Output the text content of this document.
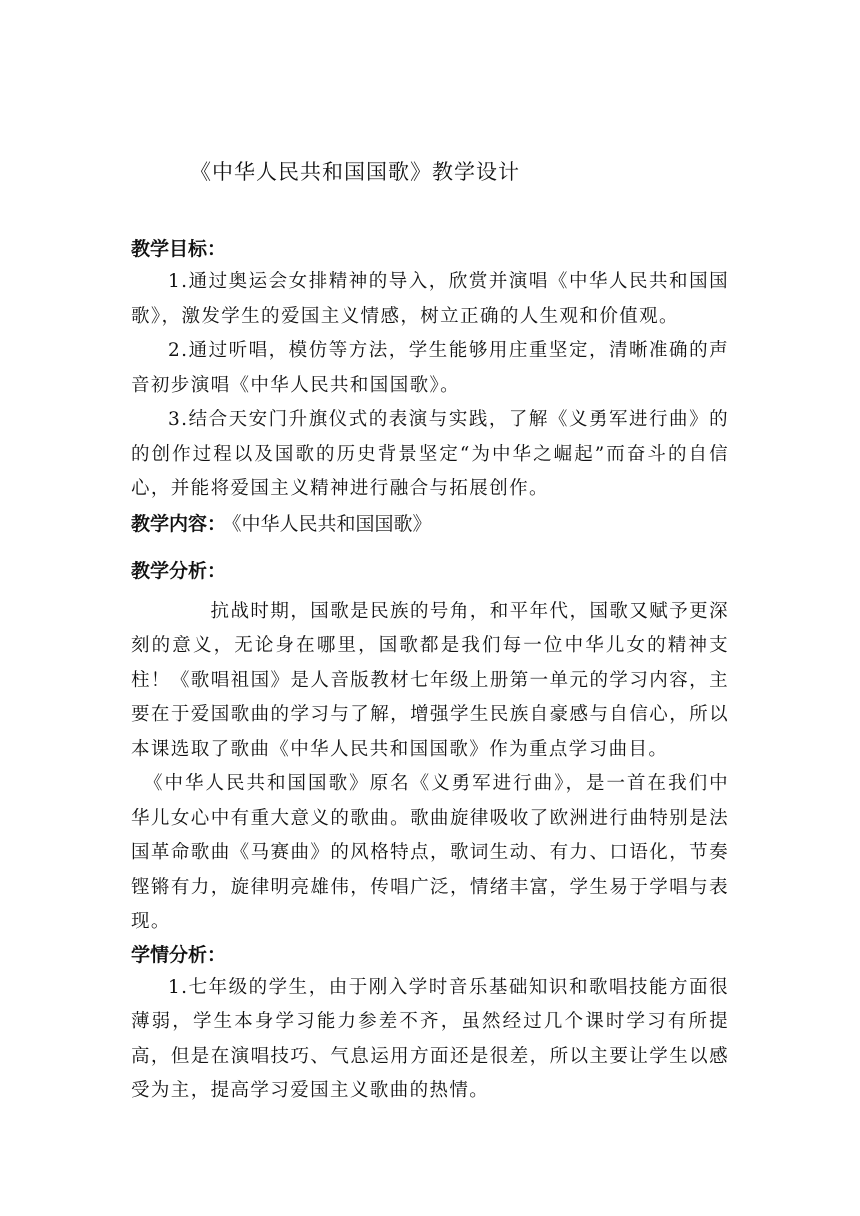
《中华人民共和国国歌》教学设计
教学目标：

1.通过奥运会女排精神的导入，欣赏并演唱《中华人民共和国国歌》，激发学生的爱国主义情感，树立正确的人生观和价值观。

2.通过听唱，模仿等方法，学生能够用庄重坚定，清晰准确的声音初步演唱《中华人民共和国国歌》。

3.结合天安门升旗仪式的表演与实践，了解《义勇军进行曲》的的创作过程以及国歌的历史背景坚定“为中华之崛起”而奋斗的自信心，并能将爱国主义精神进行融合与拓展创作。

教学内容： 《中华人民共和国国歌》
教学分析：

抗战时期，国歌是民族的号角，和平年代，国歌又赋予更深刻的意义，无论身在哪里，国歌都是我们每一位中华儿女的精神支柱！《歌唱祖国》是人音版教材七年级上册第一单元的学习内容，主要在于爱国歌曲的学习与了解，增强学生民族自豪感与自信心，所以本课选取了歌曲《中华人民共和国国歌》作为重点学习曲目。

《中华人民共和国国歌》原名《义勇军进行曲》，是一首在我们中华儿女心中有重大意义的歌曲。歌曲旋律吸收了欧洲进行曲特别是法国革命歌曲《马赛曲》的风格特点，歌词生动、有力、口语化，节奏铿锵有力，旋律明亮雄伟，传唱广泛，情绪丰富，学生易于学唱与表现。

学情分析：

1.七年级的学生，由于刚入学时音乐基础知识和歌唱技能方面很薄弱，学生本身学习能力参差不齐，虽然经过几个课时学习有所提高，但是在演唱技巧、气息运用方面还是很差，所以主要让学生以感受为主，提高学习爱国主义歌曲的热情。
